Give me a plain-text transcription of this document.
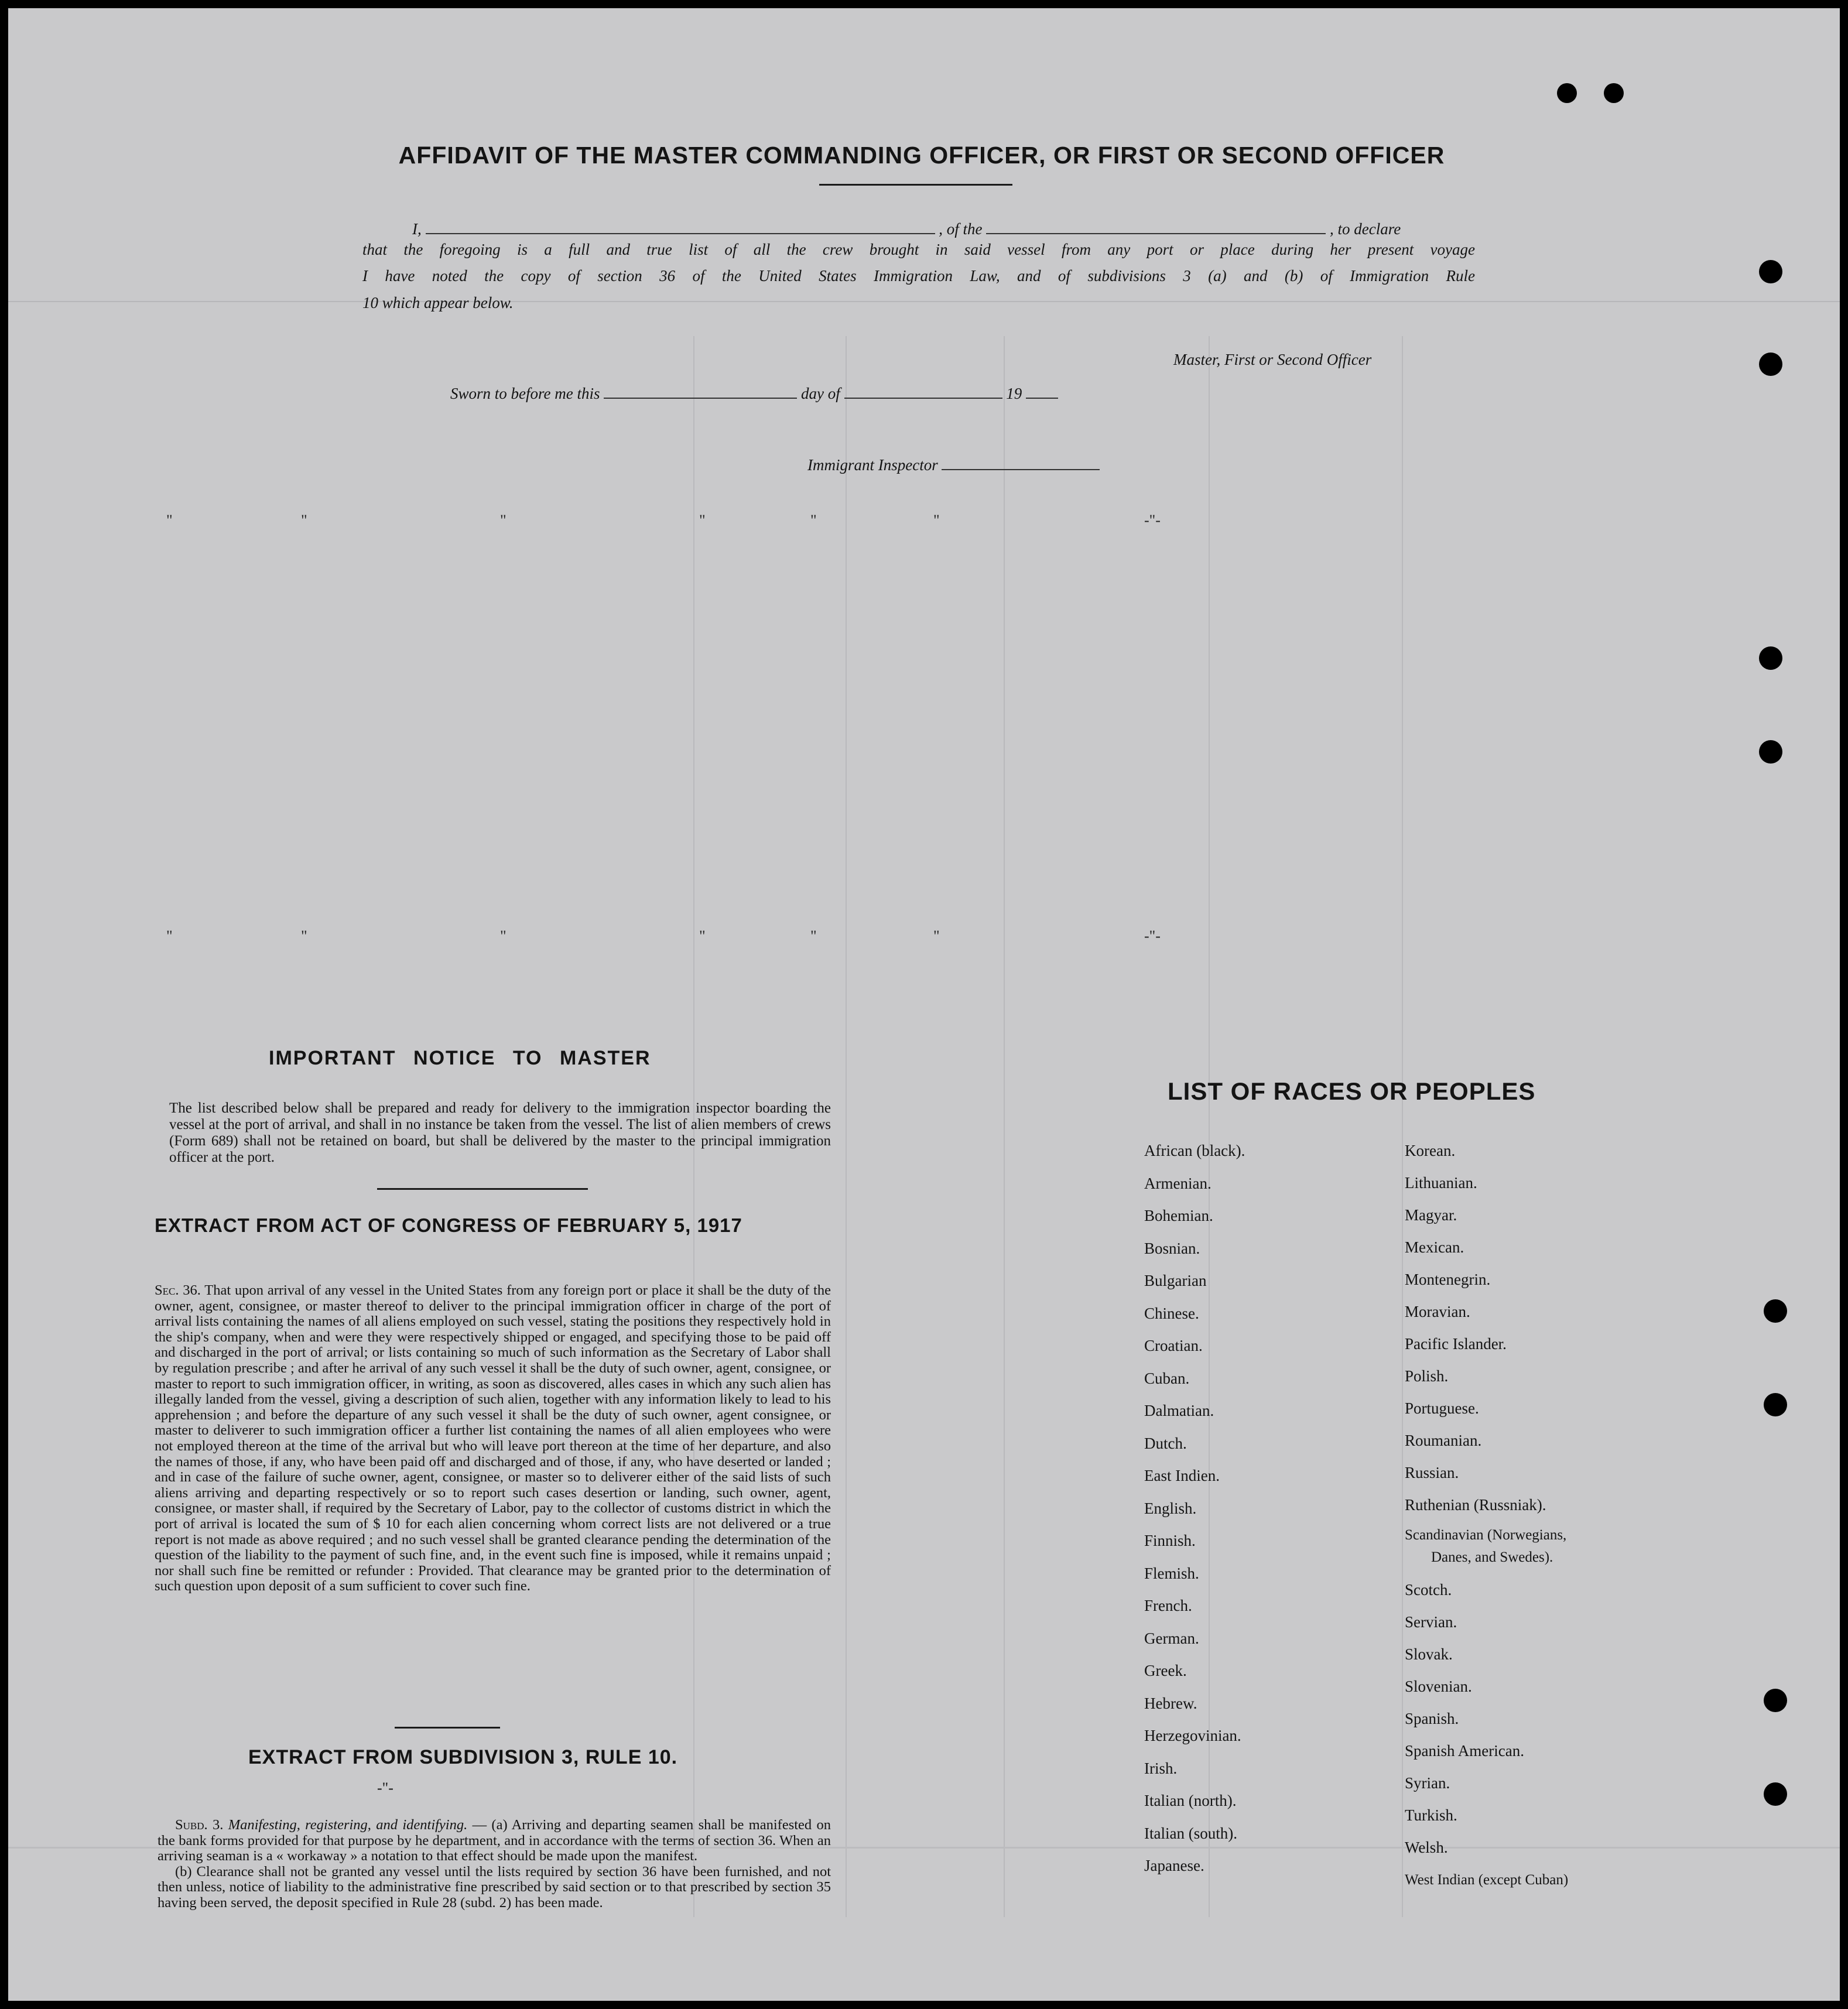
"	"	"	"	"	"	-"-
"	"	"	"	"	"	-"-
AFFIDAVIT OF THE MASTER COMMANDING OFFICER, OR FIRST OR SECOND OFFICER
I,	, of the	, to declare
that the foregoing is a full and true list of all the crew brought in said vessel from any port or place during her present voyage
I have noted the copy of section 36 of the United States Immigration Law, and of subdivisions 3 (a) and (b) of Immigration Rule
10 which appear below.
Master, First or Second Officer
Sworn to before me this	day of	19
Immigrant Inspector
IMPORTANT NOTICE TO MASTER
The list described below shall be prepared and ready for delivery to the immigration inspector boarding the vessel at the port of arrival, and shall in no instance be taken from the vessel. The list of alien members of crews (Form 689) shall not be retained on board, but shall be delivered by the master to the principal immigration officer at the port.
EXTRACT FROM ACT OF CONGRESS OF FEBRUARY 5, 1917
Sec. 36. That upon arrival of any vessel in the United States from any foreign port or place it shall be the duty of the owner, agent, consignee, or master thereof to deliver to the principal immigration officer in charge of the port of arrival lists containing the names of all aliens employed on such vessel, stating the positions they respectively hold in the ship's company, when and were they were respectively shipped or engaged, and specifying those to be paid off and discharged in the port of arrival; or lists containing so much of such information as the Secretary of Labor shall by regulation prescribe ; and after he arrival of any such vessel it shall be the duty of such owner, agent, consignee, or master to report to such immigration officer, in writing, as soon as discovered, alles cases in which any such alien has illegally landed from the vessel, giving a description of such alien, together with any information likely to lead to his apprehension ; and before the departure of any such vessel it shall be the duty of such owner, agent consignee, or master to deliverer to such immigration officer a further list containing the names of all alien employees who were not employed thereon at the time of the arrival but who will leave port thereon at the time of her departure, and also the names of those, if any, who have been paid off and discharged and of those, if any, who have deserted or landed ; and in case of the failure of suche owner, agent, consignee, or master so to deliverer either of the said lists of such aliens arriving and departing respectively or so to report such cases desertion or landing, such owner, agent, consignee, or master shall, if required by the Secretary of Labor, pay to the collector of customs district in which the port of arrival is located the sum of $ 10 for each alien concerning whom correct lists are not delivered or a true report is not made as above required ; and no such vessel shall be granted clearance pending the determination of the question of the liability to the payment of such fine, and, in the event such fine is imposed, while it remains unpaid ; nor shall such fine be remitted or refunder : Provided. That clearance may be granted prior to the determination of such question upon deposit of a sum sufficient to cover such fine.
EXTRACT FROM SUBDIVISION 3, RULE 10.
-"-
Subd. 3. Manifesting, registering, and identifying. — (a) Arriving and departing seamen shall be manifested on the bank forms provided for that purpose by he department, and in accordance with the terms of section 36. When an arriving seaman is a « workaway » a notation to that effect should be made upon the manifest.
(b) Clearance shall not be granted any vessel until the lists required by section 36 have been furnished, and not then unless, notice of liability to the administrative fine prescribed by said section or to that prescribed by section 35 having been served, the deposit specified in Rule 28 (subd. 2) has been made.
LIST OF RACES OR PEOPLES
African (black).
Armenian.
Bohemian.
Bosnian.
Bulgarian
Chinese.
Croatian.
Cuban.
Dalmatian.
Dutch.
East Indien.
English.
Finnish.
Flemish.
French.
German.
Greek.
Hebrew.
Herzegovinian.
Irish.
Italian (north).
Italian (south).
Japanese.
Korean.
Lithuanian.
Magyar.
Mexican.
Montenegrin.
Moravian.
Pacific Islander.
Polish.
Portuguese.
Roumanian.
Russian.
Ruthenian (Russniak).
Scandinavian (Norwegians,
Danes, and Swedes).
Scotch.
Servian.
Slovak.
Slovenian.
Spanish.
Spanish American.
Syrian.
Turkish.
Welsh.
West Indian (except Cuban)
